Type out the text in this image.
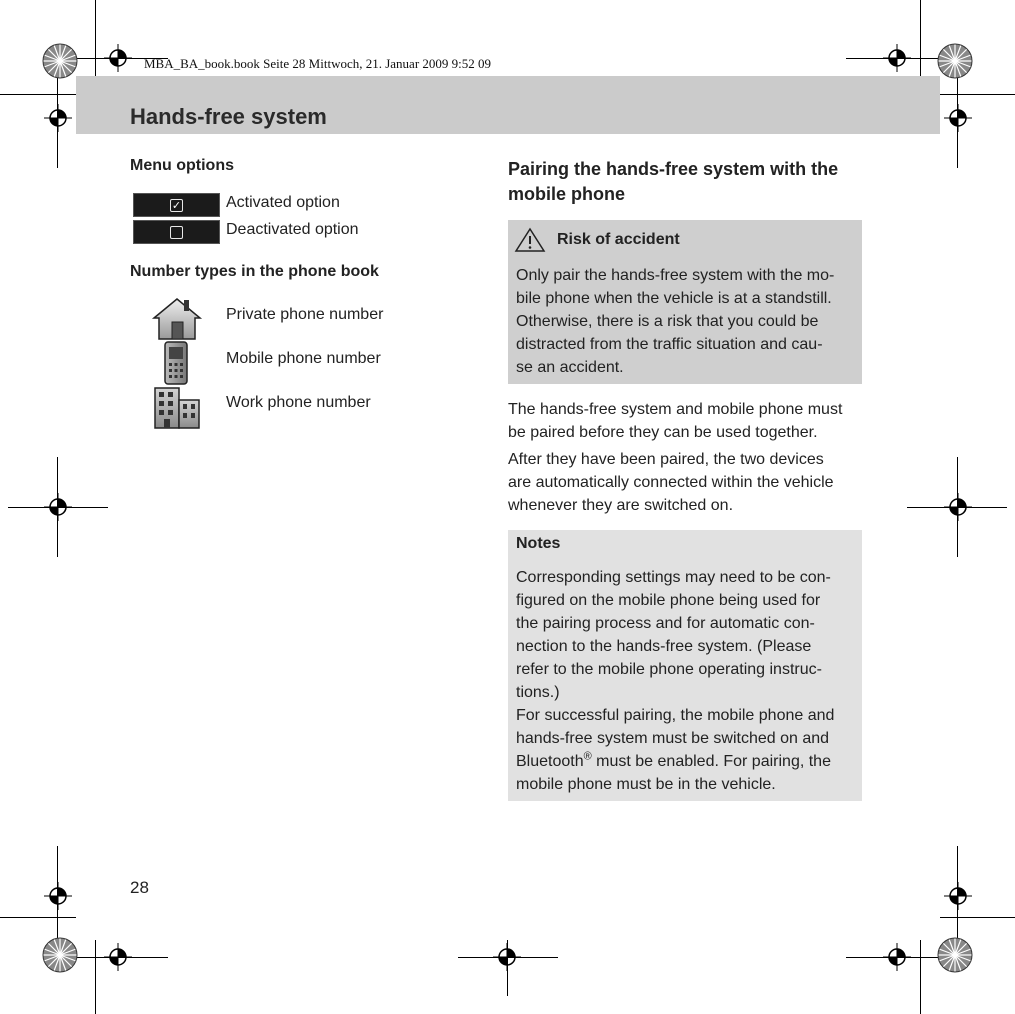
MBA_BA_book.book Seite 28 Mittwoch, 21. Januar 2009 9:52 09
Hands-free system
Menu options
✓	Activated option
Deactivated option
Number types in the phone book
Private phone number
Mobile phone number
Work phone number
Pairing the hands-free system with the
mobile phone
Risk of accident
Only pair the hands-free system with the mo-
bile phone when the vehicle is at a standstill.
Otherwise, there is a risk that you could be
distracted from the traffic situation and cau-
se an accident.
The hands-free system and mobile phone must
be paired before they can be used together.
After they have been paired, the two devices
are automatically connected within the vehicle
whenever they are switched on.
Notes
Corresponding settings may need to be con-
figured on the mobile phone being used for
the pairing process and for automatic con-
nection to the hands-free system. (Please
refer to the mobile phone operating instruc-
tions.)
For successful pairing, the mobile phone and
hands-free system must be switched on and
Bluetooth® must be enabled. For pairing, the
mobile phone must be in the vehicle.
28
